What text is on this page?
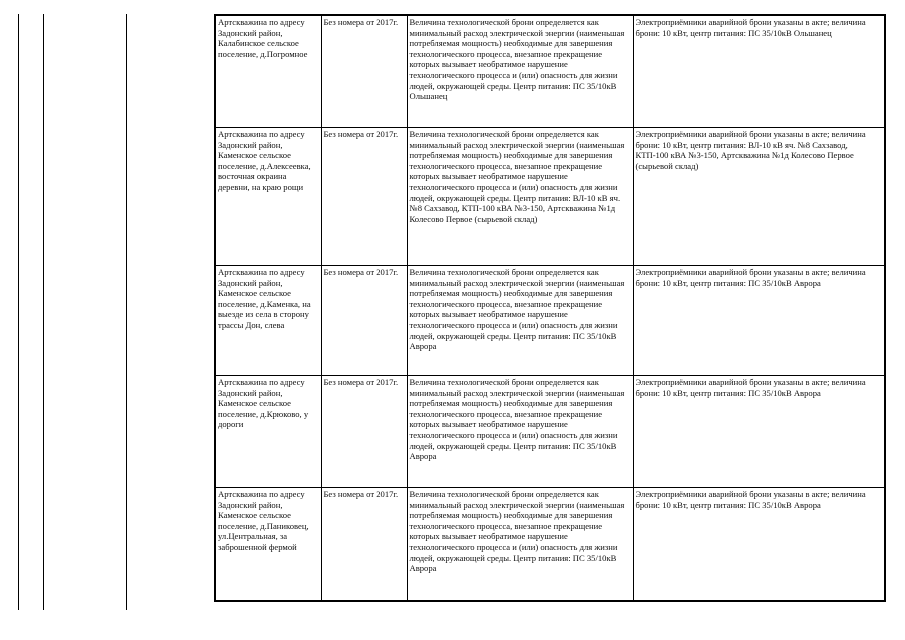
Артскважина по адресу Задонский район, Калабинское сельское поселение, д.Погромное	Без номера от 2017г.	Величина технологической брони определяется как минимальный расход электрической энергии (наименьшая потребляемая мощность) необходимые для завершения технологического процесса, внезапное прекращение которых вызывает необратимое нарушение технологического процесса и (или) опасность для жизни людей, окружающей среды. Центр питания: ПС 35/10кВ Ольшанец	Электроприёмники аварийной брони указаны в акте; величина брони: 10 кВт, центр питания: ПС 35/10кВ Ольшанец
Артскважина по адресу Задонский район, Каменское сельское поселение, д.Алексеевка, восточная окраина деревни, на краю рощи	Без номера от 2017г.	Величина технологической брони определяется как минимальный расход электрической энергии (наименьшая потребляемая мощность) необходимые для завершения технологического процесса, внезапное прекращение которых вызывает необратимое нарушение технологического процесса и (или) опасность для жизни людей, окружающей среды. Центр питания: ВЛ-10 кВ яч. №8 Сахзавод, КТП-100 кВА №3-150, Артскважина №1д Колесово Первое (сырьевой склад)	Электроприёмники аварийной брони указаны в акте; величина брони: 10 кВт, центр питания: ВЛ-10 кВ яч. №8 Сахзавод, КТП-100 кВА №3-150, Артскважина №1д Колесово Первое (сырьевой склад)
Артскважина по адресу Задонский район, Каменское сельское поселение, д.Каменка, на выезде из села в сторону трассы Дон, слева	Без номера от 2017г.	Величина технологической брони определяется как минимальный расход электрической энергии (наименьшая потребляемая мощность) необходимые для завершения технологического процесса, внезапное прекращение которых вызывает необратимое нарушение технологического процесса и (или) опасность для жизни людей, окружающей среды. Центр питания: ПС 35/10кВ Аврора	Электроприёмники аварийной брони указаны в акте; величина брони: 10 кВт, центр питания: ПС 35/10кВ Аврора
Артскважина по адресу Задонский район, Каменское сельское поселение, д.Крюково, у дороги	Без номера от 2017г.	Величина технологической брони определяется как минимальный расход электрической энергии (наименьшая потребляемая мощность) необходимые для завершения технологического процесса, внезапное прекращение которых вызывает необратимое нарушение технологического процесса и (или) опасность для жизни людей, окружающей среды. Центр питания: ПС 35/10кВ Аврора	Электроприёмники аварийной брони указаны в акте; величина брони: 10 кВт, центр питания: ПС 35/10кВ Аврора
Артскважина по адресу Задонский район, Каменское сельское поселение, д.Паниковец, ул.Центральная, за заброшенной фермой	Без номера от 2017г.	Величина технологической брони определяется как минимальный расход электрической энергии (наименьшая потребляемая мощность) необходимые для завершения технологического процесса, внезапное прекращение которых вызывает необратимое нарушение технологического процесса и (или) опасность для жизни людей, окружающей среды. Центр питания: ПС 35/10кВ Аврора	Электроприёмники аварийной брони указаны в акте; величина брони: 10 кВт, центр питания: ПС 35/10кВ Аврора
